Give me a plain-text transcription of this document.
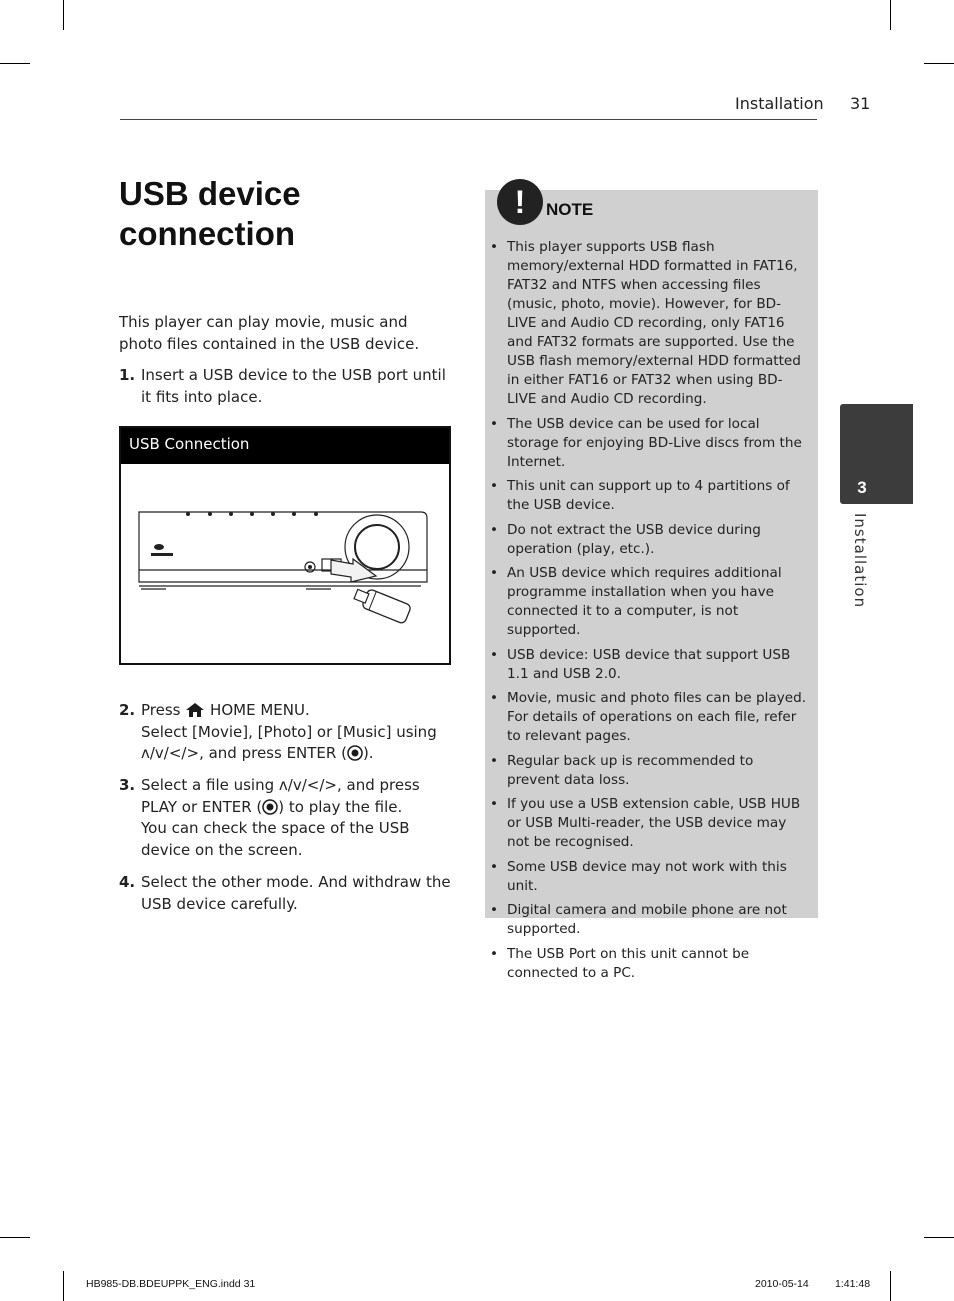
Installation 31
USB device connection

This player can play movie, music and photo files contained in the USB device.

1. Insert a USB device to the USB port until it fits into place.
USB Connection
2. Press HOME MENU.
Select [Movie], [Photo] or [Music] using
ʌ/v/</>, and press ENTER ( ).
3. Select a file using ʌ/v/</>, and press PLAY or ENTER ( ) to play the file.
You can check the space of the USB device on the screen.
4. Select the other mode. And withdraw the USB device carefully.
!	NOTE
• This player supports USB flash memory/external HDD formatted in FAT16, FAT32 and NTFS when accessing files (music, photo, movie). However, for BD-LIVE and Audio CD recording, only FAT16 and FAT32 formats are supported. Use the USB flash memory/external HDD formatted in either FAT16 or FAT32 when using BD-LIVE and Audio CD recording.
• The USB device can be used for local storage for enjoying BD-Live discs from the Internet.
• This unit can support up to 4 partitions of the USB device.
• Do not extract the USB device during operation (play, etc.).
• An USB device which requires additional programme installation when you have connected it to a computer, is not supported.
• USB device: USB device that support USB 1.1 and USB 2.0.
• Movie, music and photo files can be played. For details of operations on each file, refer to relevant pages.
• Regular back up is recommended to prevent data loss.
• If you use a USB extension cable, USB HUB or USB Multi-reader, the USB device may not be recognised.
• Some USB device may not work with this unit.
• Digital camera and mobile phone are not supported.
• The USB Port on this unit cannot be connected to a PC.
3
Installation
HB985-DB.BDEUPPK_ENG.indd 31	2010-05-14	1:41:48
